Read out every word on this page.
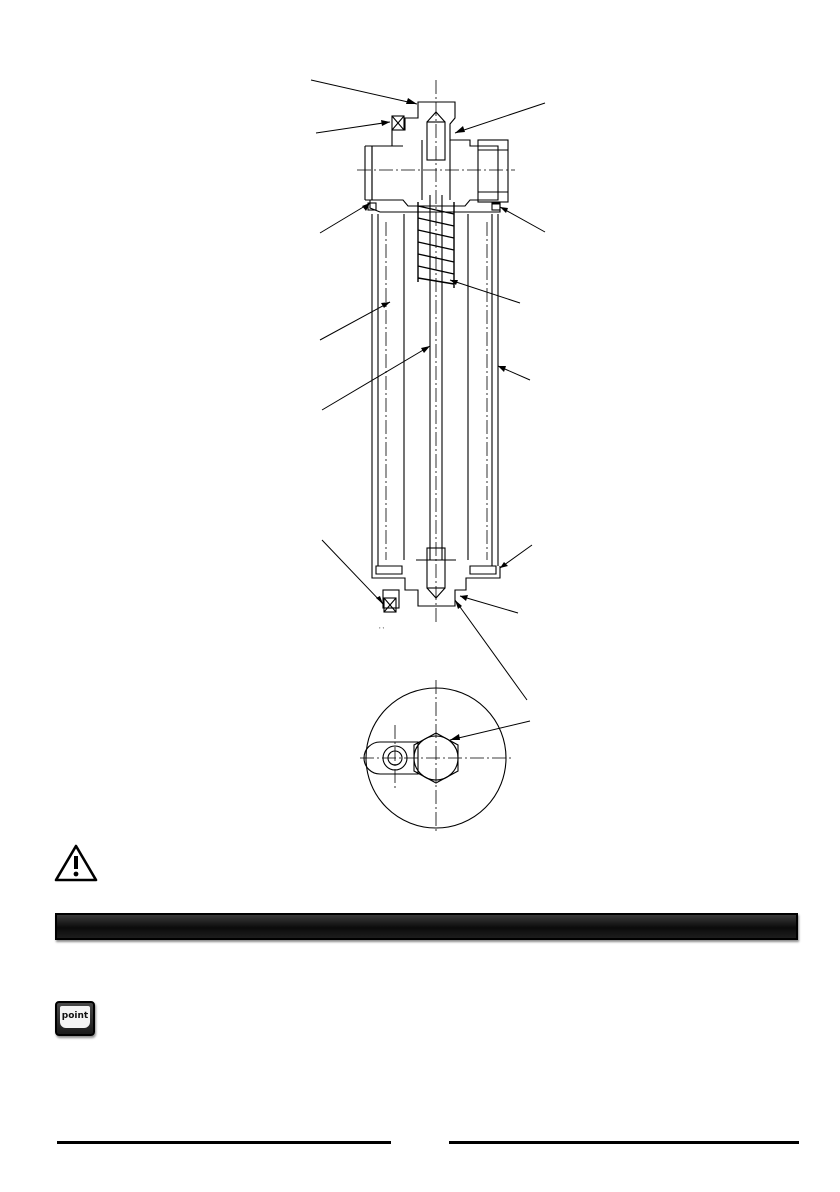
, ,
point
